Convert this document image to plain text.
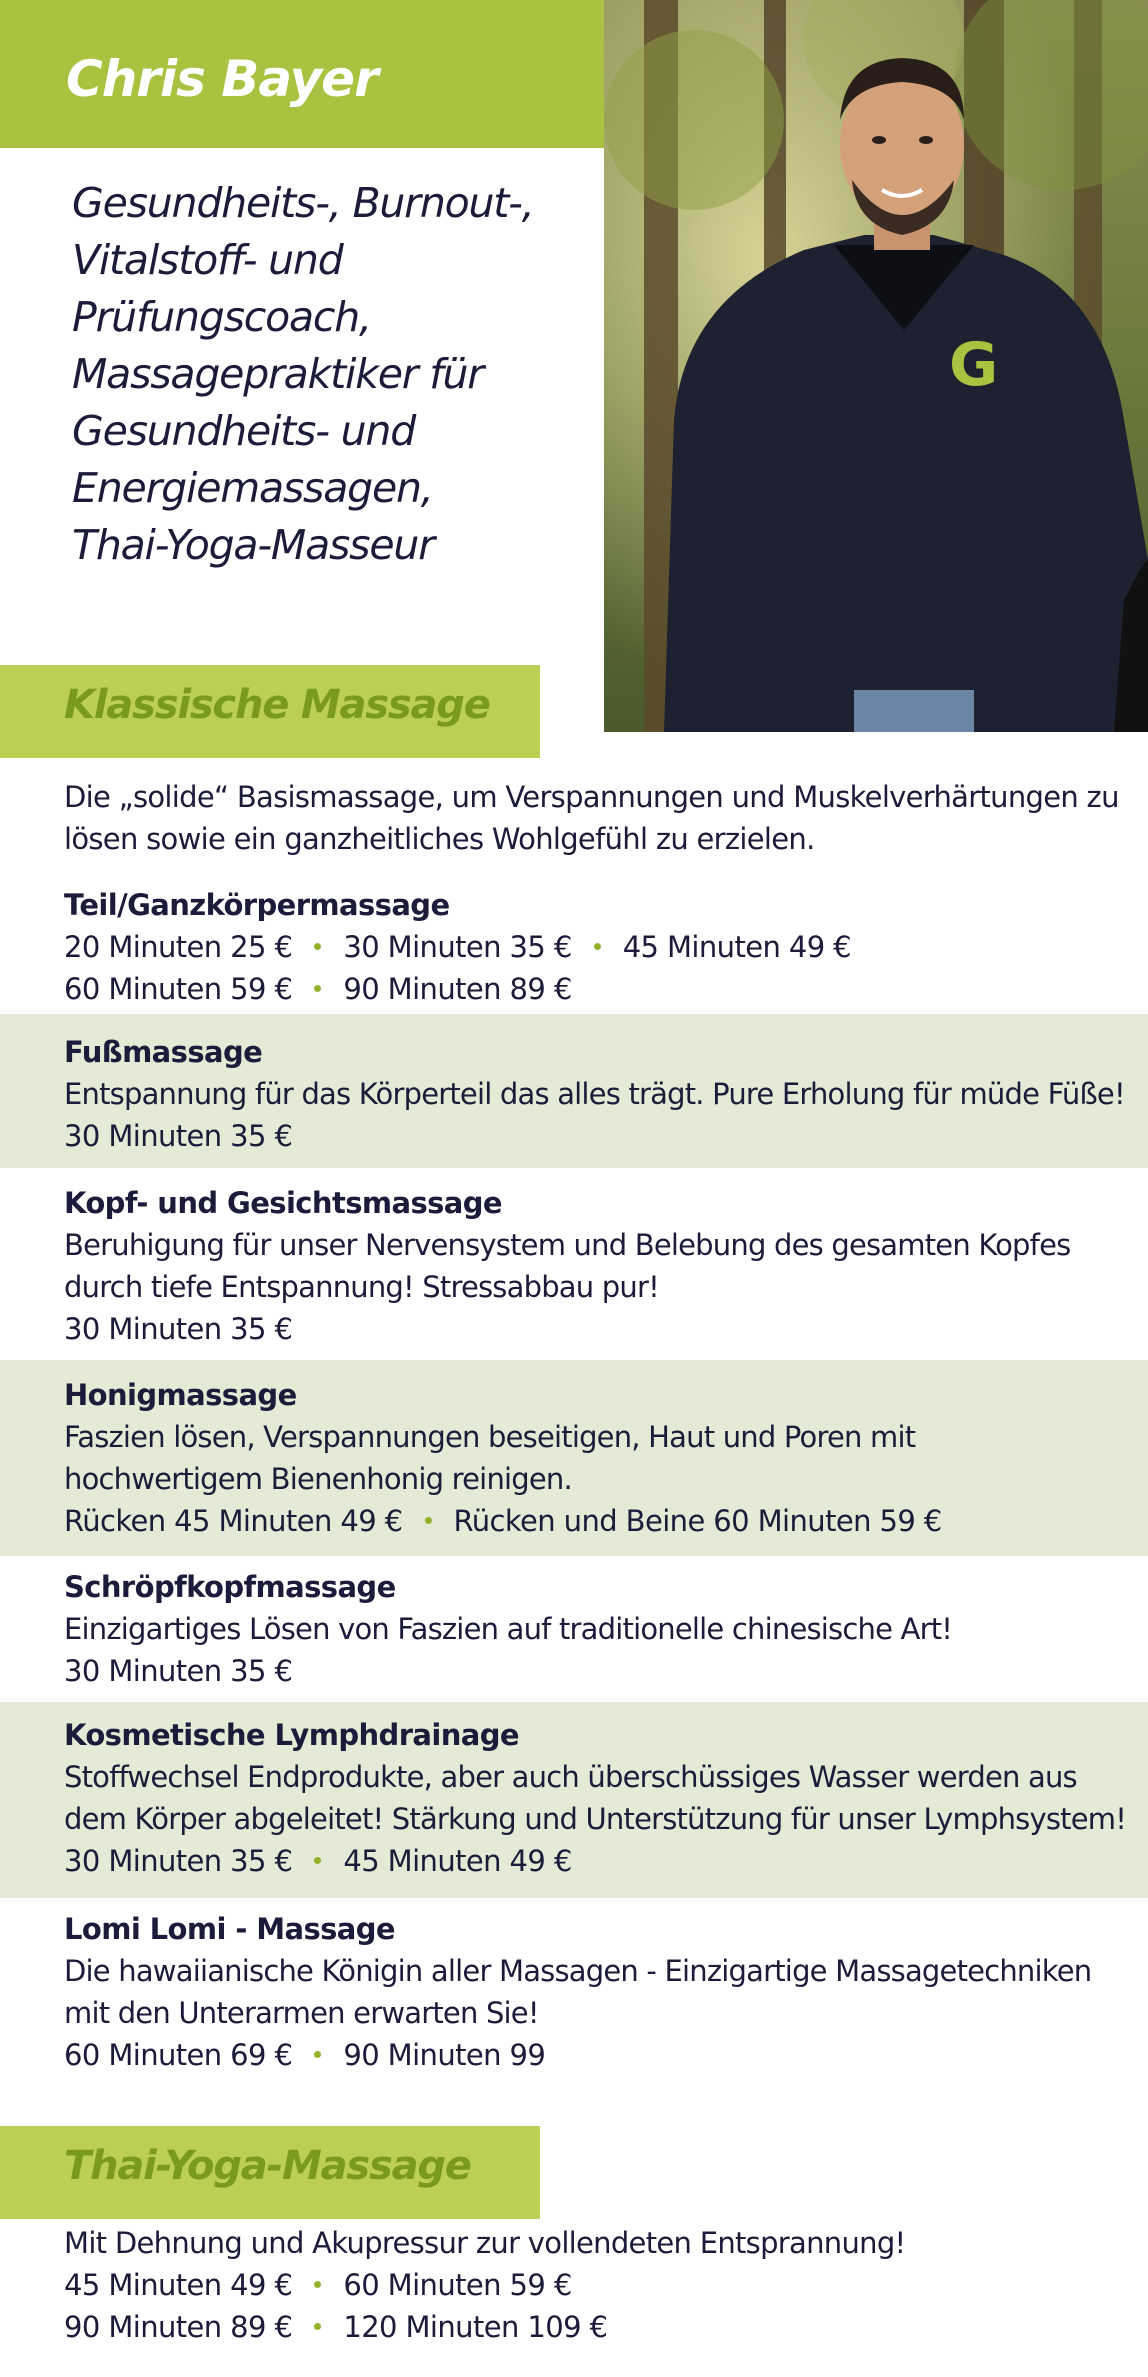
Chris Bayer
Gesundheits-, Burnout-,
Vitalstoff- und
Prüfungscoach,
Massagepraktiker für
Gesundheits- und
Energiemassagen,
Thai-Yoga-Masseur
G
Klassische Massage
Die „solide“ Basismassage, um Verspannungen und Muskelverhärtungen zu
lösen sowie ein ganzheitliches Wohlgefühl zu erzielen.

Teil/Ganzkörpermassage

20 Minuten 25 € 30 Minuten 35 € 45 Minuten 49 €

60 Minuten 59 € 90 Minuten 89 €

Fußmassage

Entspannung für das Körperteil das alles trägt. Pure Erholung für müde Füße!

30 Minuten 35 €

Kopf- und Gesichtsmassage

Beruhigung für unser Nervensystem und Belebung des gesamten Kopfes

durch tiefe Entspannung! Stressabbau pur!

30 Minuten 35 €

Honigmassage

Faszien lösen, Verspannungen beseitigen, Haut und Poren mit

hochwertigem Bienenhonig reinigen.

Rücken 45 Minuten 49 € Rücken und Beine 60 Minuten 59 €

Schröpfkopfmassage

Einzigartiges Lösen von Faszien auf traditionelle chinesische Art!

30 Minuten 35 €

Kosmetische Lymphdrainage

Stoffwechsel Endprodukte, aber auch überschüssiges Wasser werden aus

dem Körper abgeleitet! Stärkung und Unterstützung für unser Lymphsystem!

30 Minuten 35 € 45 Minuten 49 €

Lomi Lomi - Massage

Die hawaiianische Königin aller Massagen - Einzigartige Massagetechniken

mit den Unterarmen erwarten Sie!

60 Minuten 69 € 90 Minuten 99

Thai-Yoga-Massage
Mit Dehnung und Akupressur zur vollendeten Entsprannung!
45 Minuten 49 € 60 Minuten 59 €
90 Minuten 89 € 120 Minuten 109 €
